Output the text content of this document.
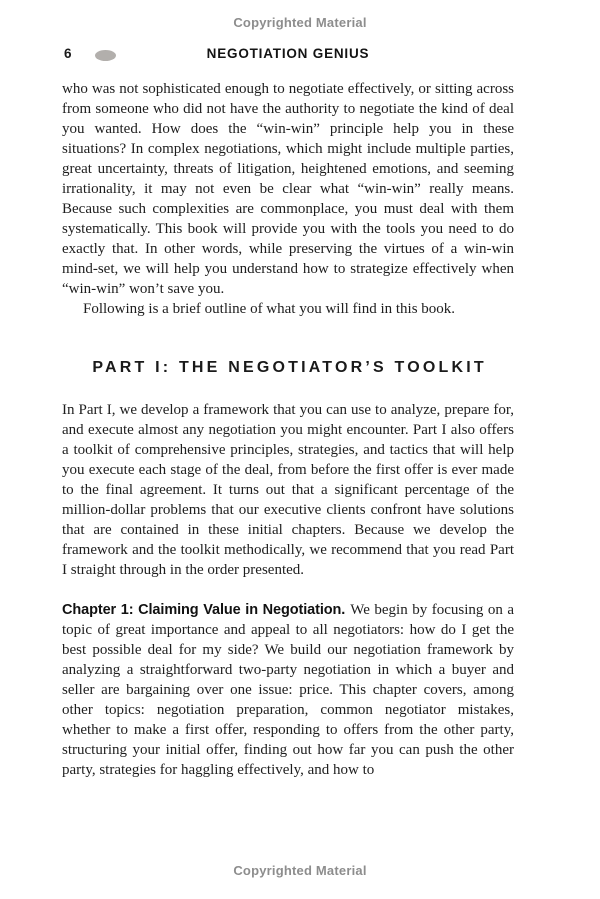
Copyrighted Material
6	NEGOTIATION GENIUS

who was not sophisticated enough to negotiate effectively, or sitting across from someone who did not have the authority to negotiate the kind of deal you wanted. How does the “win-win” principle help you in these situations? In complex negotiations, which might include multiple parties, great uncertainty, threats of litigation, heightened emotions, and seeming irrationality, it may not even be clear what “win-win” really means. Because such complexities are commonplace, you must deal with them systematically. This book will provide you with the tools you need to do exactly that. In other words, while preserving the virtues of a win-win mind-set, we will help you understand how to strategize effectively when “win-win” won’t save you.

Following is a brief outline of what you will find in this book.

PART I: THE NEGOTIATOR’S TOOLKIT

In Part I, we develop a framework that you can use to analyze, prepare for, and execute almost any negotiation you might encounter. Part I also offers a toolkit of comprehensive principles, strategies, and tactics that will help you execute each stage of the deal, from before the first offer is ever made to the final agreement. It turns out that a significant percentage of the million-dollar problems that our executive clients confront have solutions that are contained in these initial chapters. Because we develop the framework and the toolkit methodically, we recommend that you read Part I straight through in the order presented.

Chapter 1: Claiming Value in Negotiation. We begin by focusing on a topic of great importance and appeal to all negotiators: how do I get the best possible deal for my side? We build our negotiation framework by analyzing a straightforward two-party negotiation in which a buyer and seller are bargaining over one issue: price. This chapter covers, among other topics: negotiation preparation, common negotiator mistakes, whether to make a first offer, responding to offers from the other party, structuring your initial offer, finding out how far you can push the other party, strategies for haggling effectively, and how to

Copyrighted Material
